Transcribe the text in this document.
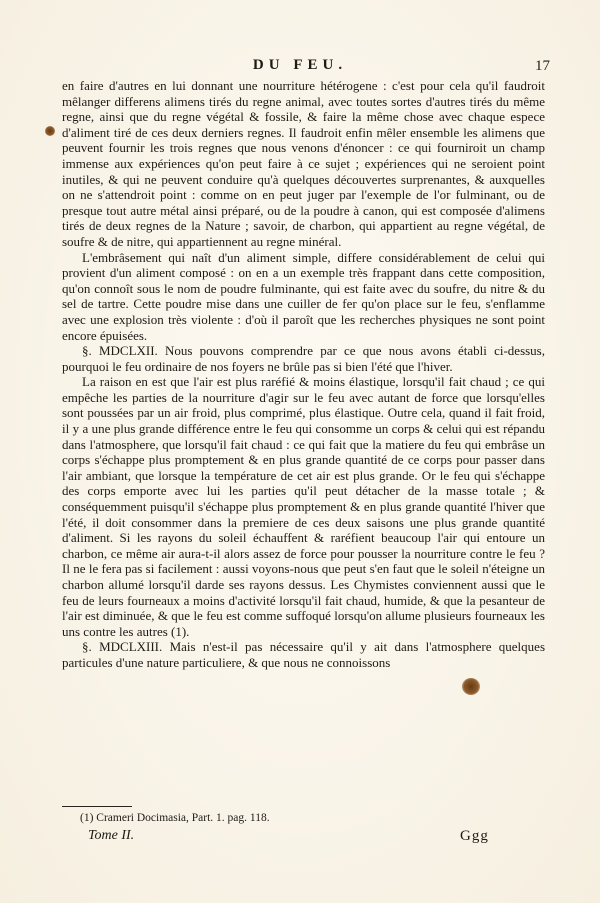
DU FEU.	17

en faire d'autres en lui donnant une nourriture hétérogene : c'est pour cela qu'il faudroit mêlanger differens alimens tirés du regne animal, avec toutes sortes d'autres tirés du même regne, ainsi que du regne végétal & fossile, & faire la même chose avec chaque espece d'aliment tiré de ces deux derniers regnes. Il faudroit enfin mêler ensemble les alimens que peuvent fournir les trois regnes que nous venons d'énoncer : ce qui fourniroit un champ immense aux expériences qu'on peut faire à ce sujet ; expériences qui ne seroient point inutiles, & qui ne peuvent conduire qu'à quelques découvertes surprenantes, & auxquelles on ne s'attendroit point : comme on en peut juger par l'exemple de l'or fulminant, ou de presque tout autre métal ainsi préparé, ou de la poudre à canon, qui est composée d'alimens tirés de deux regnes de la Nature ; savoir, de charbon, qui appartient au regne végétal, de soufre & de nitre, qui appartiennent au regne minéral.

L'embrâsement qui naît d'un aliment simple, differe considérablement de celui qui provient d'un aliment composé : on en a un exemple très frappant dans cette composition, qu'on connoît sous le nom de poudre fulminante, qui est faite avec du soufre, du nitre & du sel de tartre. Cette poudre mise dans une cuiller de fer qu'on place sur le feu, s'enflamme avec une explosion très violente : d'où il paroît que les recherches physiques ne sont point encore épuisées.

§. MDCLXII. Nous pouvons comprendre par ce que nous avons établi ci-dessus, pourquoi le feu ordinaire de nos foyers ne brûle pas si bien l'été que l'hiver.

La raison en est que l'air est plus raréfié & moins élastique, lorsqu'il fait chaud ; ce qui empêche les parties de la nourriture d'agir sur le feu avec autant de force que lorsqu'elles sont poussées par un air froid, plus comprimé, plus élastique. Outre cela, quand il fait froid, il y a une plus grande différence entre le feu qui consomme un corps & celui qui est répandu dans l'atmosphere, que lorsqu'il fait chaud : ce qui fait que la matiere du feu qui embrâse un corps s'échappe plus promptement & en plus grande quantité de ce corps pour passer dans l'air ambiant, que lorsque la température de cet air est plus grande. Or le feu qui s'échappe des corps emporte avec lui les parties qu'il peut détacher de la masse totale ; & conséquemment puisqu'il s'échappe plus promptement & en plus grande quantité l'hiver que l'été, il doit consommer dans la premiere de ces deux saisons une plus grande quantité d'aliment. Si les rayons du soleil échauffent & raréfient beaucoup l'air qui entoure un charbon, ce même air aura-t-il alors assez de force pour pousser la nourriture contre le feu ? Il ne le fera pas si facilement : aussi voyons-nous que peut s'en faut que le soleil n'éteigne un charbon allumé lorsqu'il darde ses rayons dessus. Les Chymistes conviennent aussi que le feu de leurs fourneaux a moins d'activité lorsqu'il fait chaud, humide, & que la pesanteur de l'air est diminuée, & que le feu est comme suffoqué lorsqu'on allume plusieurs fourneaux les uns contre les autres (1).

§. MDCLXIII. Mais n'est-il pas nécessaire qu'il y ait dans l'atmosphere quelques particules d'une nature particuliere, & que nous ne connoissons

(1) Crameri Docimasia, Part. 1. pag. 118.
Tome II.	Ggg
